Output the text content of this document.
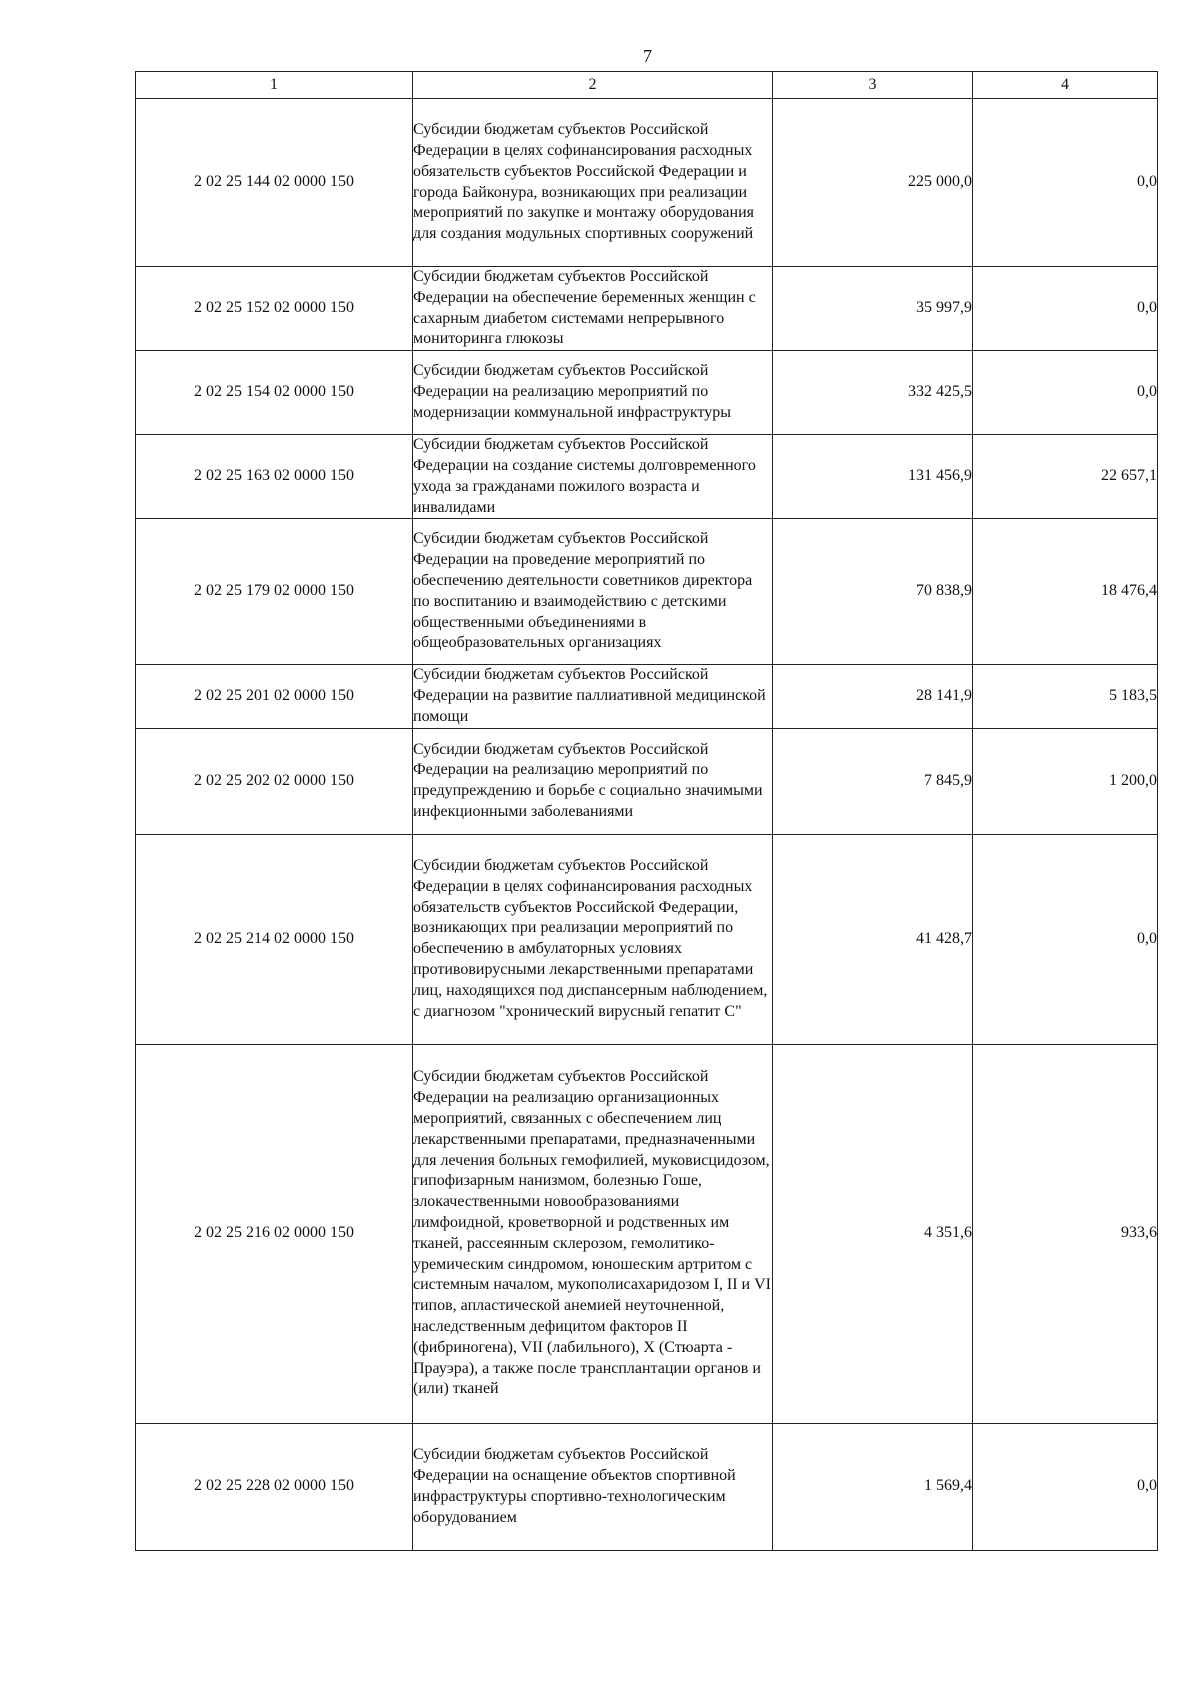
7
1	2	3	4
2 02 25 144 02 0000 150	Субсидии бюджетам субъектов Российской Федерации в целях софинансирования расходных обязательств субъектов Российской Федерации и города Байконура, возникающих при реализации мероприятий по закупке и монтажу оборудования для создания модульных спортивных сооружений	225 000,0	0,0
2 02 25 152 02 0000 150	Субсидии бюджетам субъектов Российской Федерации на обеспечение беременных женщин с сахарным диабетом системами непрерывного мониторинга глюкозы	35 997,9	0,0
2 02 25 154 02 0000 150	Субсидии бюджетам субъектов Российской Федерации на реализацию мероприятий по модернизации коммунальной инфраструктуры	332 425,5	0,0
2 02 25 163 02 0000 150	Субсидии бюджетам субъектов Российской Федерации на создание системы долговременного ухода за гражданами пожилого возраста и инвалидами	131 456,9	22 657,1
2 02 25 179 02 0000 150	Субсидии бюджетам субъектов Российской Федерации на проведение мероприятий по обеспечению деятельности советников директора по воспитанию и взаимодействию с детскими общественными объединениями в общеобразовательных организациях	70 838,9	18 476,4
2 02 25 201 02 0000 150	Субсидии бюджетам субъектов Российской Федерации на развитие паллиативной медицинской помощи	28 141,9	5 183,5
2 02 25 202 02 0000 150	Субсидии бюджетам субъектов Российской Федерации на реализацию мероприятий по предупреждению и борьбе с социально значимыми инфекционными заболеваниями	7 845,9	1 200,0
2 02 25 214 02 0000 150	Субсидии бюджетам субъектов Российской Федерации в целях софинансирования расходных обязательств субъектов Российской Федерации, возникающих при реализации мероприятий по обеспечению в амбулаторных условиях противовирусными лекарственными препаратами лиц, находящихся под диспансерным наблюдением, с диагнозом "хронический вирусный гепатит С"	41 428,7	0,0
2 02 25 216 02 0000 150	Субсидии бюджетам субъектов Российской Федерации на реализацию организационных мероприятий, связанных с обеспечением лиц лекарственными препаратами, предназначенными для лечения больных гемофилией, муковисцидозом, гипофизарным нанизмом, болезнью Гоше, злокачественными новообразованиями лимфоидной, кроветворной и родственных им тканей, рассеянным склерозом, гемолитико-уремическим синдромом, юношеским артритом с системным началом, мукополисахаридозом I, II и VI типов, апластической анемией неуточненной, наследственным дефицитом факторов II (фибриногена), VII (лабильного), X (Стюарта - Прауэра), а также после трансплантации органов и (или) тканей	4 351,6	933,6
2 02 25 228 02 0000 150	Субсидии бюджетам субъектов Российской Федерации на оснащение объектов спортивной инфраструктуры спортивно-технологическим оборудованием	1 569,4	0,0
